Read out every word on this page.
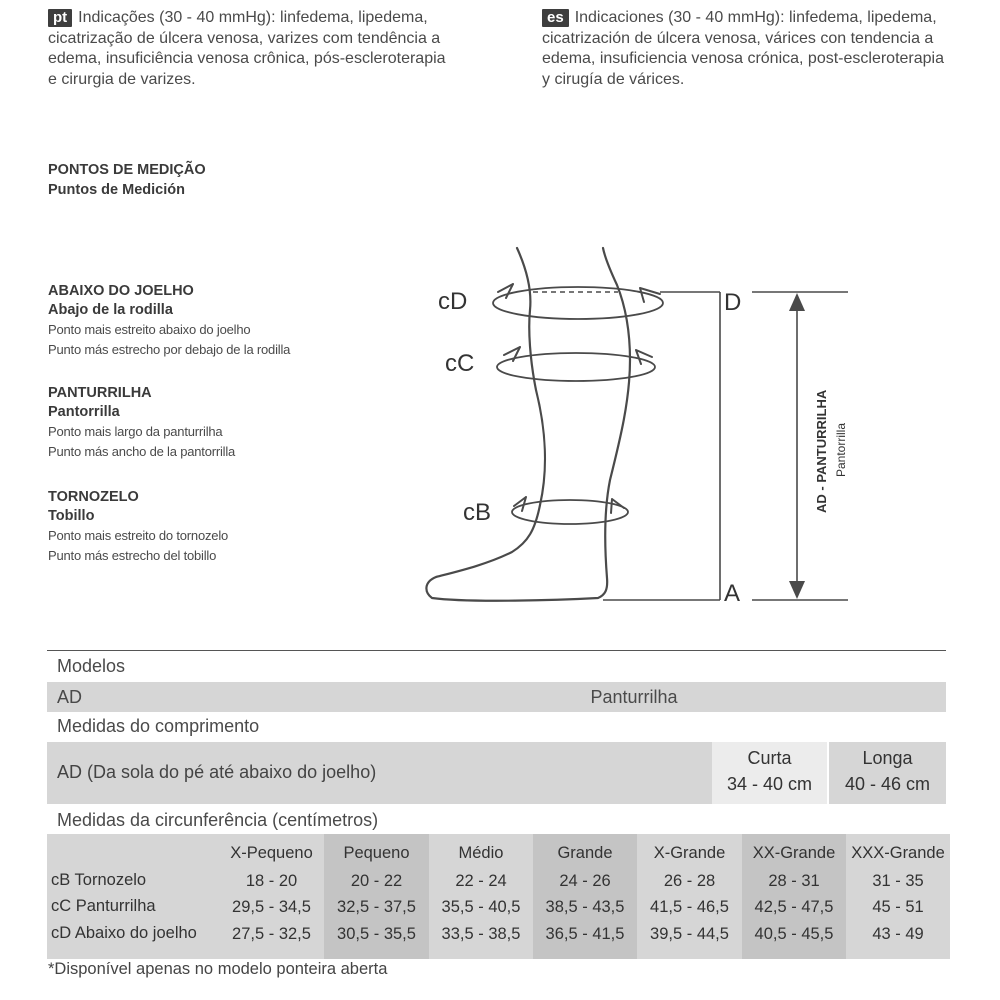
pt Indicações (30 - 40 mmHg): linfedema, lipedema, cicatrização de úlcera venosa, varizes com tendência a edema, insuficiência venosa crônica, pós-escleroterapia e cirurgia de varizes.
es Indicaciones (30 - 40 mmHg): linfedema, lipedema, cicatrización de úlcera venosa, várices con tendencia a edema, insuficiencia venosa crónica, post-escleroterapia y cirugía de várices.
PONTOS DE MEDIÇÃO
Puntos de Medición
ABAIXO DO JOELHO
Abajo de la rodilla
Ponto mais estreito abaixo do joelho
Punto más estrecho por debajo de la rodilla
PANTURRILHA
Pantorrilla
Ponto mais largo da panturrilha
Punto más ancho de la pantorrilla
TORNOZELO
Tobillo
Ponto mais estreito do tornozelo
Punto más estrecho del tobillo
cD
cC
cB
D
A
AD - PANTURRILHA Pantorrilla
Modelos
AD	Panturrilha
Medidas do comprimento
AD (Da sola do pé até abaixo do joelho)
Curta
34 - 40 cm
Longa
40 - 46 cm
Medidas da circunferência (centímetros)
cB Tornozelo
cC Panturrilha
cD Abaixo do joelho
X-Pequeno
18 - 20
29,5 - 34,5
27,5 - 32,5
Pequeno
20 - 22
32,5 - 37,5
30,5 - 35,5
Médio
22 - 24
35,5 - 40,5
33,5 - 38,5
Grande
24 - 26
38,5 - 43,5
36,5 - 41,5
X-Grande
26 - 28
41,5 - 46,5
39,5 - 44,5
XX-Grande
28 - 31
42,5 - 47,5
40,5 - 45,5
XXX-Grande
31 - 35
45 - 51
43 - 49
*Disponível apenas no modelo ponteira aberta
